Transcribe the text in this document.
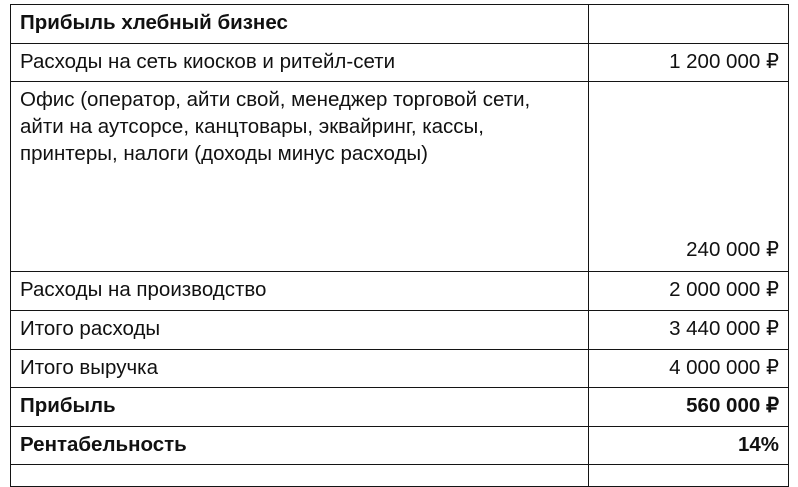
Прибыль хлебный бизнес	
Расходы на сеть киосков и ритейл-сети	1 200 000 ₽
Офис (оператор, айти свой, менеджер торговой сети, айти на аутсорсе, канцтовары, эквайринг, кассы, принтеры, налоги (доходы минус расходы)	240 000 ₽
Расходы на производство	2 000 000 ₽
Итого расходы	3 440 000 ₽
Итого выручка	4 000 000 ₽
Прибыль	560 000 ₽
Рентабельность	14%
